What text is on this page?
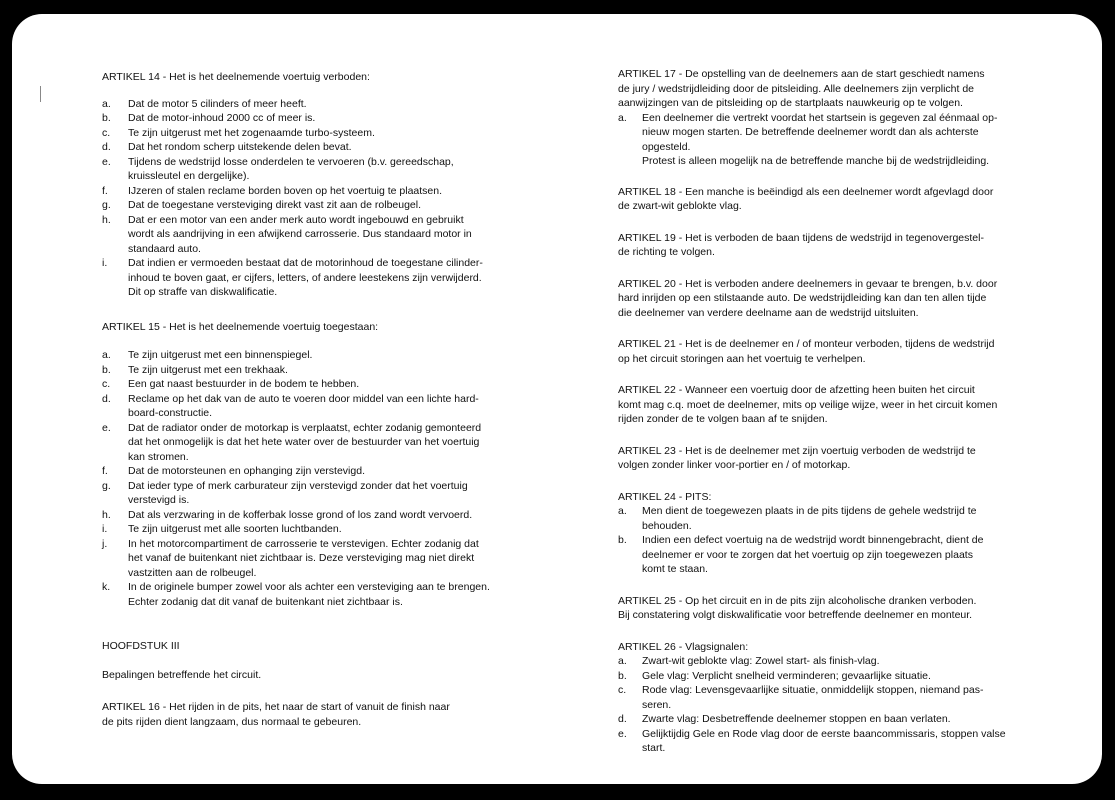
ARTIKEL 14 - Het is het deelnemende voertuig verboden:

a.	Dat de motor 5 cilinders of meer heeft.
b.	Dat de motor-inhoud 2000 cc of meer is.
c.	Te zijn uitgerust met het zogenaamde turbo-systeem.
d.	Dat het rondom scherp uitstekende delen bevat.
e.	Tijdens de wedstrijd losse onderdelen te vervoeren (b.v. gereedschap,
kruissleutel en dergelijke).
f.	IJzeren of stalen reclame borden boven op het voertuig te plaatsen.
g.	Dat de toegestane versteviging direkt vast zit aan de rolbeugel.
h.	Dat er een motor van een ander merk auto wordt ingebouwd en gebruikt
wordt als aandrijving in een afwijkend carrosserie. Dus standaard motor in
standaard auto.
i.	Dat indien er vermoeden bestaat dat de motorinhoud de toegestane cilinder-
inhoud te boven gaat, er cijfers, letters, of andere leestekens zijn verwijderd.
Dit op straffe van diskwalificatie.

ARTIKEL 15 - Het is het deelnemende voertuig toegestaan:

a.	Te zijn uitgerust met een binnenspiegel.
b.	Te zijn uitgerust met een trekhaak.
c.	Een gat naast bestuurder in de bodem te hebben.
d.	Reclame op het dak van de auto te voeren door middel van een lichte hard-
board-constructie.
e.	Dat de radiator onder de motorkap is verplaatst, echter zodanig gemonteerd
dat het onmogelijk is dat het hete water over de bestuurder van het voertuig
kan stromen.
f.	Dat de motorsteunen en ophanging zijn verstevigd.
g.	Dat ieder type of merk carburateur zijn verstevigd zonder dat het voertuig
verstevigd is.
h.	Dat als verzwaring in de kofferbak losse grond of los zand wordt vervoerd.
i.	Te zijn uitgerust met alle soorten luchtbanden.
j.	In het motorcompartiment de carrosserie te verstevigen. Echter zodanig dat
het vanaf de buitenkant niet zichtbaar is. Deze versteviging mag niet direkt
vastzitten aan de rolbeugel.
k.	In de originele bumper zowel voor als achter een versteviging aan te brengen.
Echter zodanig dat dit vanaf de buitenkant niet zichtbaar is.

HOOFDSTUK III

Bepalingen betreffende het circuit.

ARTIKEL 16 - Het rijden in de pits, het naar de start of vanuit de finish naar
de pits rijden dient langzaam, dus normaal te gebeuren.

ARTIKEL 17 - De opstelling van de deelnemers aan de start geschiedt namens
de jury / wedstrijdleiding door de pitsleiding. Alle deelnemers zijn verplicht de
aanwijzingen van de pitsleiding op de startplaats nauwkeurig op te volgen.

a.	Een deelnemer die vertrekt voordat het startsein is gegeven zal éénmaal op-
nieuw mogen starten. De betreffende deelnemer wordt dan als achterste
opgesteld.
Protest is alleen mogelijk na de betreffende manche bij de wedstrijdleiding.

ARTIKEL 18 - Een manche is beëindigd als een deelnemer wordt afgevlagd door
de zwart-wit geblokte vlag.

ARTIKEL 19 - Het is verboden de baan tijdens de wedstrijd in tegenovergestel-
de richting te volgen.

ARTIKEL 20 - Het is verboden andere deelnemers in gevaar te brengen, b.v. door
hard inrijden op een stilstaande auto. De wedstrijdleiding kan dan ten allen tijde
die deelnemer van verdere deelname aan de wedstrijd uitsluiten.

ARTIKEL 21 - Het is de deelnemer en / of monteur verboden, tijdens de wedstrijd
op het circuit storingen aan het voertuig te verhelpen.

ARTIKEL 22 - Wanneer een voertuig door de afzetting heen buiten het circuit
komt mag c.q. moet de deelnemer, mits op veilige wijze, weer in het circuit komen
rijden zonder de te volgen baan af te snijden.

ARTIKEL 23 - Het is de deelnemer met zijn voertuig verboden de wedstrijd te
volgen zonder linker voor-portier en / of motorkap.

ARTIKEL 24 - PITS:

a.	Men dient de toegewezen plaats in de pits tijdens de gehele wedstrijd te
behouden.
b.	Indien een defect voertuig na de wedstrijd wordt binnengebracht, dient de
deelnemer er voor te zorgen dat het voertuig op zijn toegewezen plaats
komt te staan.

ARTIKEL 25 - Op het circuit en in de pits zijn alcoholische dranken verboden.
Bij constatering volgt diskwalificatie voor betreffende deelnemer en monteur.

ARTIKEL 26 - Vlagsignalen:

a.	Zwart-wit geblokte vlag: Zowel start- als finish-vlag.
b.	Gele vlag: Verplicht snelheid verminderen; gevaarlijke situatie.
c.	Rode vlag: Levensgevaarlijke situatie, onmiddelijk stoppen, niemand pas-
seren.
d.	Zwarte vlag: Desbetreffende deelnemer stoppen en baan verlaten.
e.	Gelijktijdig Gele en Rode vlag door de eerste baancommissaris, stoppen valse
start.
